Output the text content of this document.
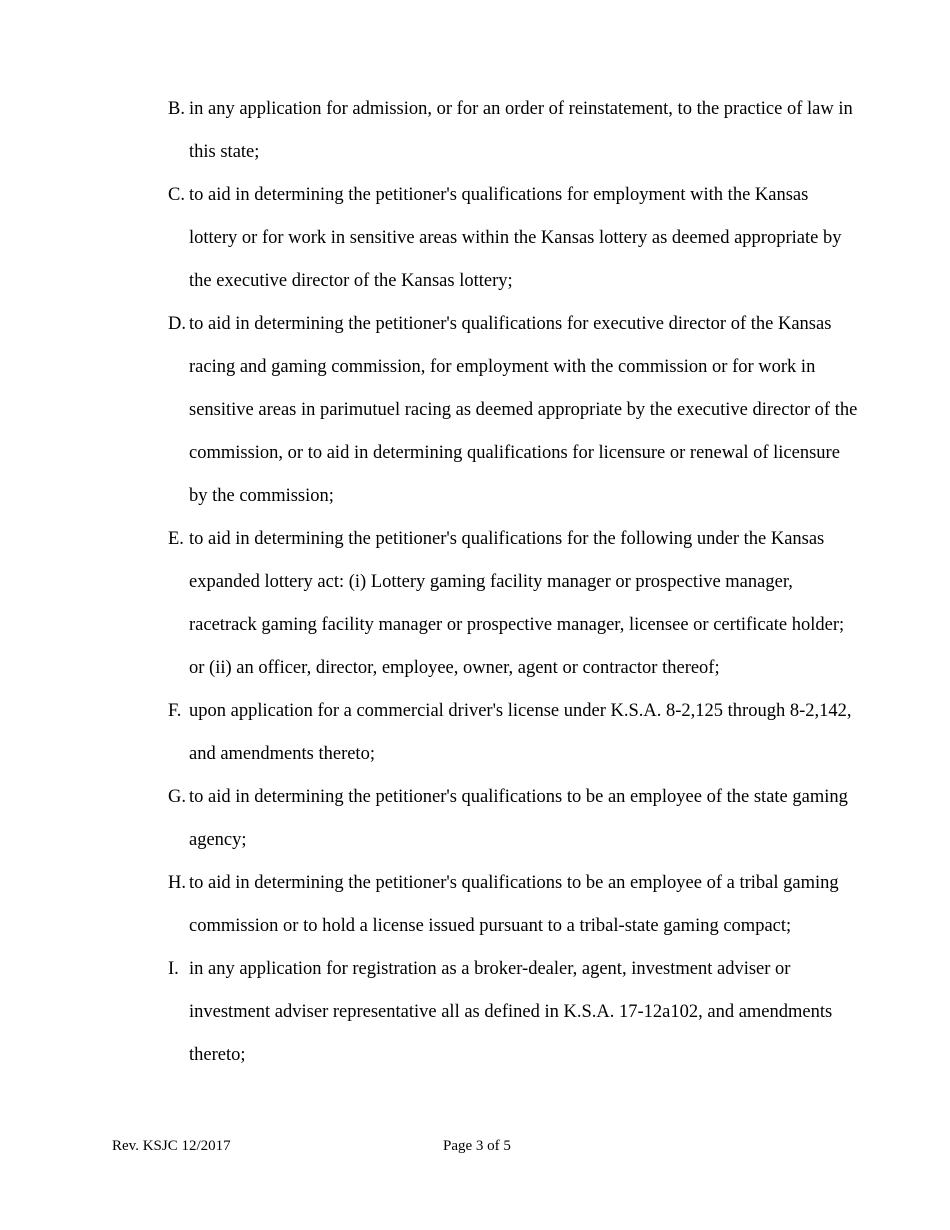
B. in any application for admission, or for an order of reinstatement, to the practice of law in this state;
C. to aid in determining the petitioner's qualifications for employment with the Kansas lottery or for work in sensitive areas within the Kansas lottery as deemed appropriate by the executive director of the Kansas lottery;
D. to aid in determining the petitioner's qualifications for executive director of the Kansas racing and gaming commission, for employment with the commission or for work in sensitive areas in parimutuel racing as deemed appropriate by the executive director of the commission, or to aid in determining qualifications for licensure or renewal of licensure by the commission;
E. to aid in determining the petitioner's qualifications for the following under the Kansas expanded lottery act: (i) Lottery gaming facility manager or prospective manager, racetrack gaming facility manager or prospective manager, licensee or certificate holder; or (ii) an officer, director, employee, owner, agent or contractor thereof;
F. upon application for a commercial driver's license under K.S.A. 8-2,125 through 8-2,142, and amendments thereto;
G. to aid in determining the petitioner's qualifications to be an employee of the state gaming agency;
H. to aid in determining the petitioner's qualifications to be an employee of a tribal gaming commission or to hold a license issued pursuant to a tribal-state gaming compact;
I. in any application for registration as a broker-dealer, agent, investment adviser or investment adviser representative all as defined in K.S.A. 17-12a102, and amendments thereto;
Rev. KSJC 12/2017	Page 3 of 5
